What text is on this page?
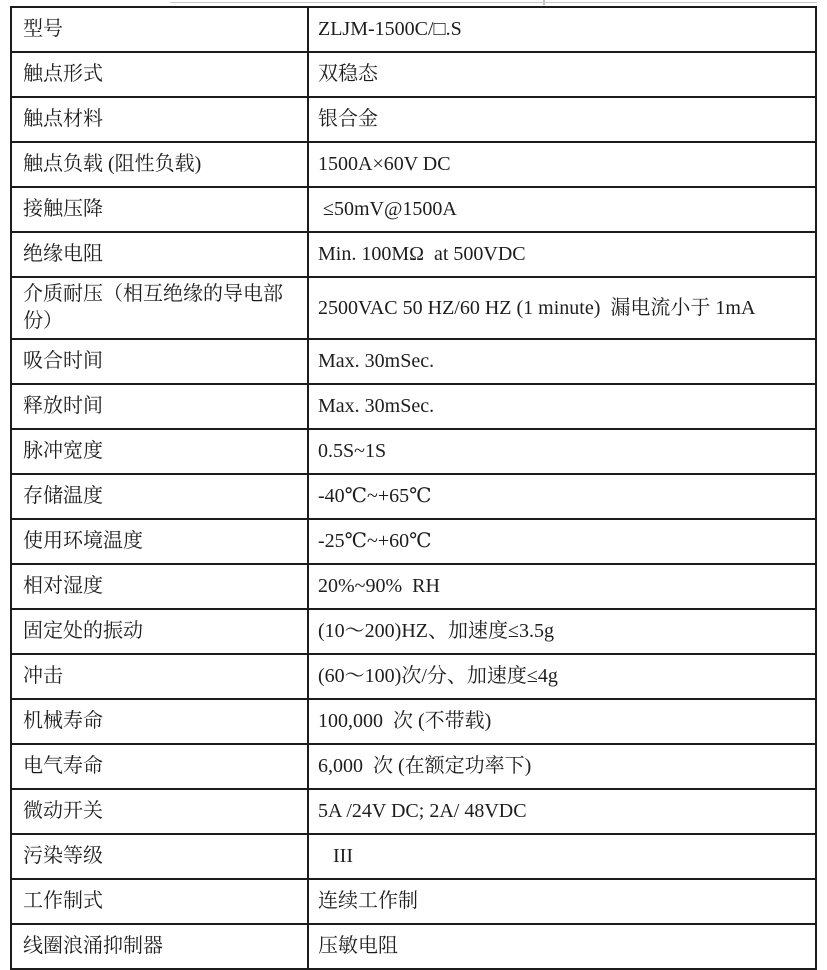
型号	ZLJM-1500C/□.S
触点形式	双稳态
触点材料	银合金
触点负载 (阻性负载)	1500A×60V DC
接触压降	≤50mV@1500A
绝缘电阻	Min. 100MΩ  at 500VDC
介质耐压（相互绝缘的导电部份）	2500VAC 50 HZ/60 HZ (1 minute)  漏电流小于 1mA
吸合时间	Max. 30mSec.
释放时间	Max. 30mSec.
脉冲宽度	0.5S~1S
存储温度	-40℃~+65℃
使用环境温度	-25℃~+60℃
相对湿度	20%~90%  RH
固定处的振动	(10～200)HZ、加速度≤3.5g
冲击	(60～100)次/分、加速度≤4g
机械寿命	100,000  次 (不带载)
电气寿命	6,000  次 (在额定功率下)
微动开关	5A /24V DC; 2A/ 48VDC
污染等级	III
工作制式	连续工作制
线圈浪涌抑制器	压敏电阻
